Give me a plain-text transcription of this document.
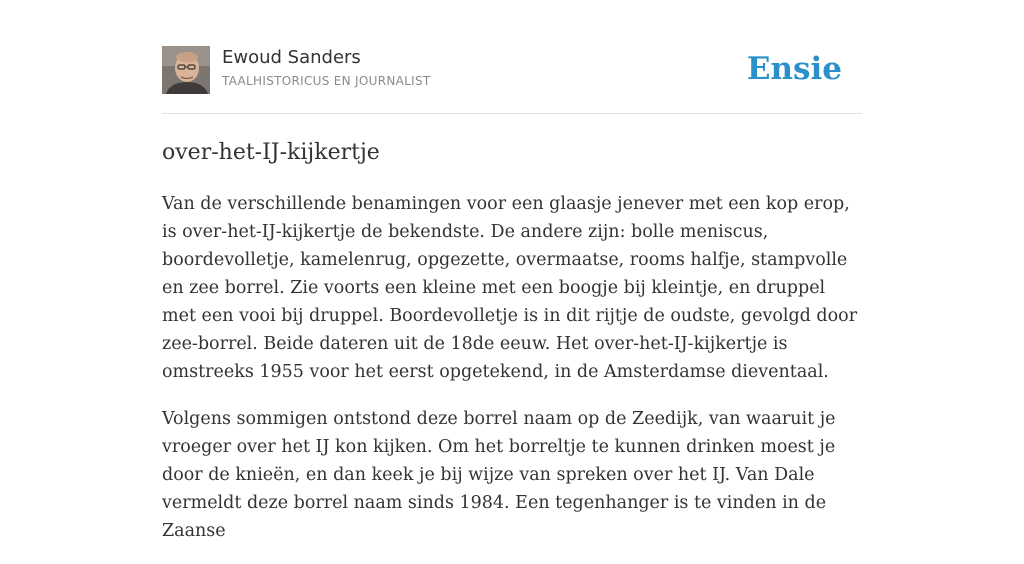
Ewoud Sanders
TAALHISTORICUS EN JOURNALIST	Ensie
over-het-IJ-kijkertje

Van de verschillende benamingen voor een glaasje jenever met een kop erop, is over-het-IJ-kijkertje de bekendste. De andere zijn: bolle meniscus, boordevolletje, kamelenrug, opgezette, overmaatse, rooms halfje, stampvolle en zee borrel. Zie voorts een kleine met een boogje bij kleintje, en druppel met een vooi bij druppel. Boordevolletje is in dit rijtje de oudste, gevolgd door zee-borrel. Beide dateren uit de 18de eeuw. Het over-het-IJ-kijkertje is omstreeks 1955 voor het eerst opgetekend, in de Amsterdamse dieventaal.

Volgens sommigen ontstond deze borrel naam op de Zeedijk, van waaruit je vroeger over het IJ kon kijken. Om het borreltje te kunnen drinken moest je door de knieën, en dan keek je bij wijze van spreken over het IJ. Van Dale vermeldt deze borrel naam sinds 1984. Een tegenhanger is te vinden in de Zaanse
